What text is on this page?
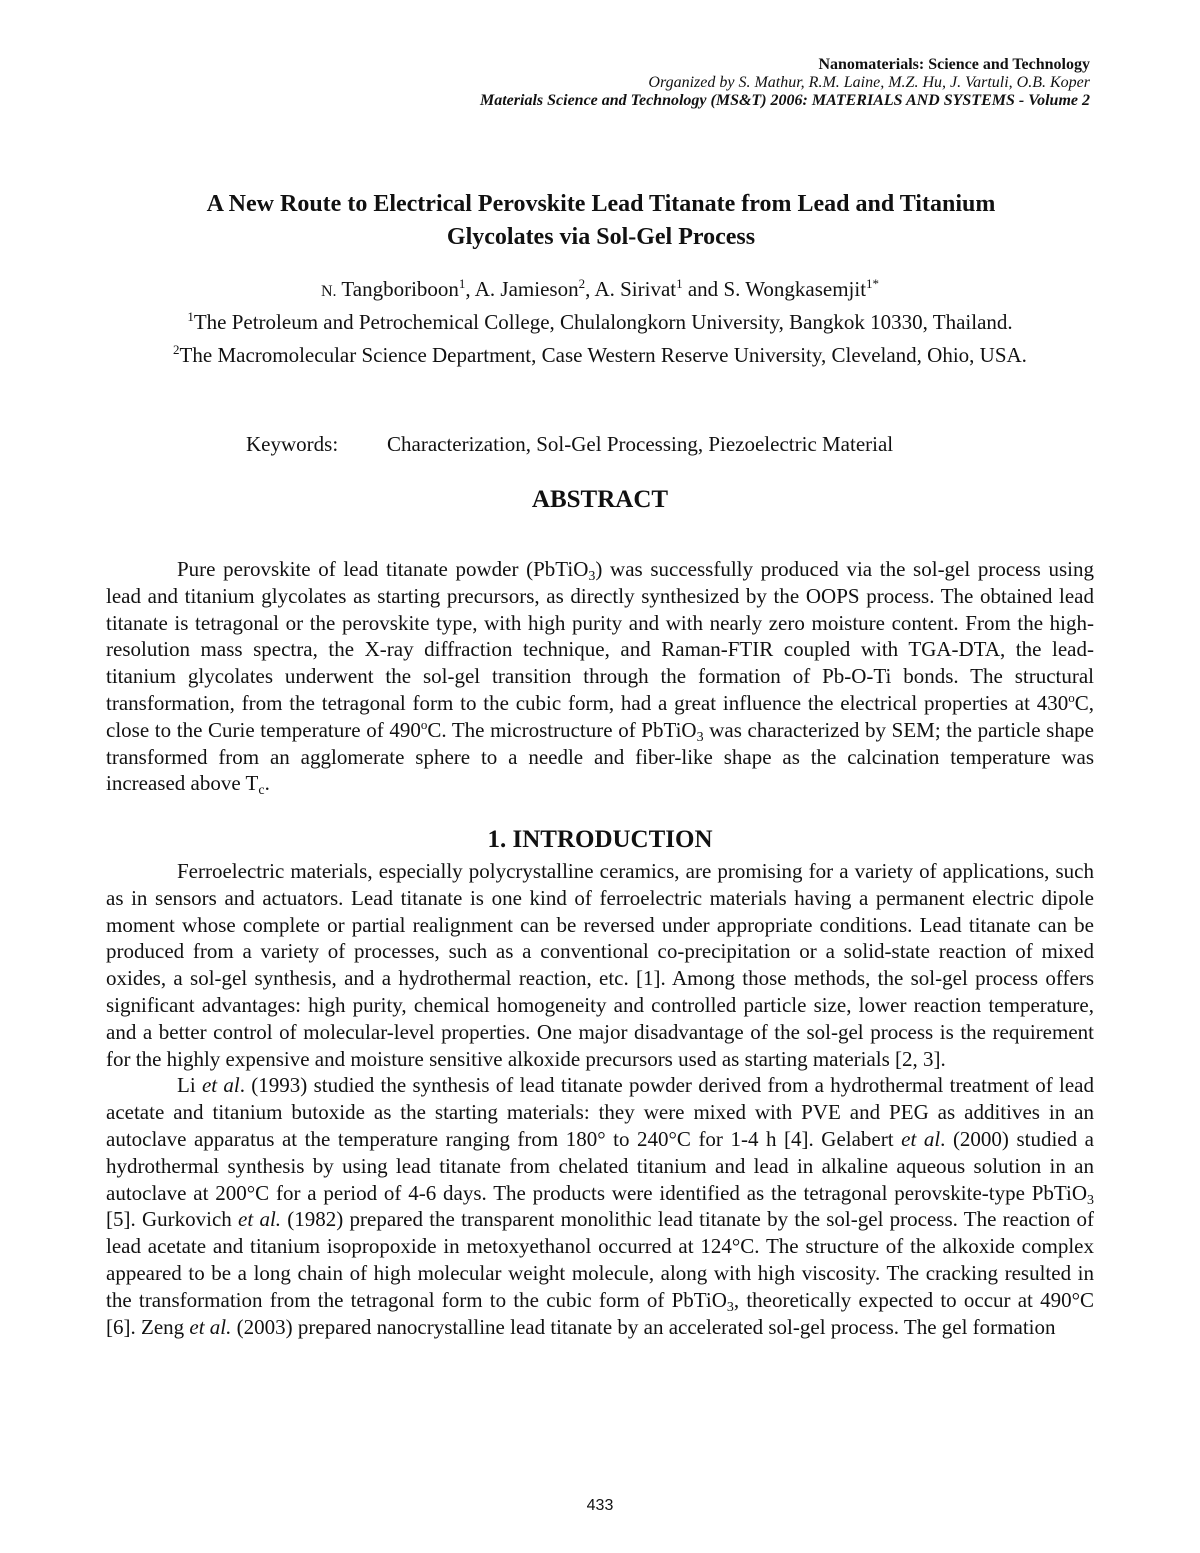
Nanomaterials: Science and Technology
Organized by S. Mathur, R.M. Laine, M.Z. Hu, J. Vartuli, O.B. Koper
Materials Science and Technology (MS&T) 2006: MATERIALS AND SYSTEMS - Volume 2
A New Route to Electrical Perovskite Lead Titanate from Lead and Titanium
Glycolates via Sol-Gel Process
N. Tangboriboon$^1$, A. Jamieson$^2$, A. Sirivat$^1$ and S. Wongkasemjit$^{1*}$
$^1$The Petroleum and Petrochemical College, Chulalongkorn University, Bangkok 10330, Thailand.
$^2$The Macromolecular Science Department, Case Western Reserve University, Cleveland, Ohio, USA.
Keywords: Characterization, Sol-Gel Processing, Piezoelectric Material
ABSTRACT

Pure perovskite of lead titanate powder (PbTiO$_3$) was successfully produced via the sol-gel process using lead and titanium glycolates as starting precursors, as directly synthesized by the OOPS process. The obtained lead titanate is tetragonal or the perovskite type, with high purity and with nearly zero moisture content. From the high-resolution mass spectra, the X-ray diffraction technique, and Raman-FTIR coupled with TGA-DTA, the lead-titanium glycolates underwent the sol-gel transition through the formation of Pb-O-Ti bonds. The structural transformation, from the tetragonal form to the cubic form, had a great influence the electrical properties at 430$^o$C, close to the Curie temperature of 490$^o$C. The microstructure of PbTiO$_3$ was characterized by SEM; the particle shape transformed from an agglomerate sphere to a needle and fiber-like shape as the calcination temperature was increased above $T_c$.

1. INTRODUCTION

Ferroelectric materials, especially polycrystalline ceramics, are promising for a variety of applications, such as in sensors and actuators. Lead titanate is one kind of ferroelectric materials having a permanent electric dipole moment whose complete or partial realignment can be reversed under appropriate conditions. Lead titanate can be produced from a variety of processes, such as a conventional co-precipitation or a solid-state reaction of mixed oxides, a sol-gel synthesis, and a hydrothermal reaction, etc. [1]. Among those methods, the sol-gel process offers significant advantages: high purity, chemical homogeneity and controlled particle size, lower reaction temperature, and a better control of molecular-level properties. One major disadvantage of the sol-gel process is the requirement for the highly expensive and moisture sensitive alkoxide precursors used as starting materials [2, 3].

Li et al. (1993) studied the synthesis of lead titanate powder derived from a hydrothermal treatment of lead acetate and titanium butoxide as the starting materials: they were mixed with PVE and PEG as additives in an autoclave apparatus at the temperature ranging from 180° to 240°C for 1-4 h [4]. Gelabert et al. (2000) studied a hydrothermal synthesis by using lead titanate from chelated titanium and lead in alkaline aqueous solution in an autoclave at 200°C for a period of 4-6 days. The products were identified as the tetragonal perovskite-type PbTiO$_3$ [5]. Gurkovich et al. (1982) prepared the transparent monolithic lead titanate by the sol-gel process. The reaction of lead acetate and titanium isopropoxide in metoxyethanol occurred at 124°C. The structure of the alkoxide complex appeared to be a long chain of high molecular weight molecule, along with high viscosity. The cracking resulted in the transformation from the tetragonal form to the cubic form of PbTiO$_3$, theoretically expected to occur at 490°C [6]. Zeng et al. (2003) prepared nanocrystalline lead titanate by an accelerated sol-gel process. The gel formation

433
